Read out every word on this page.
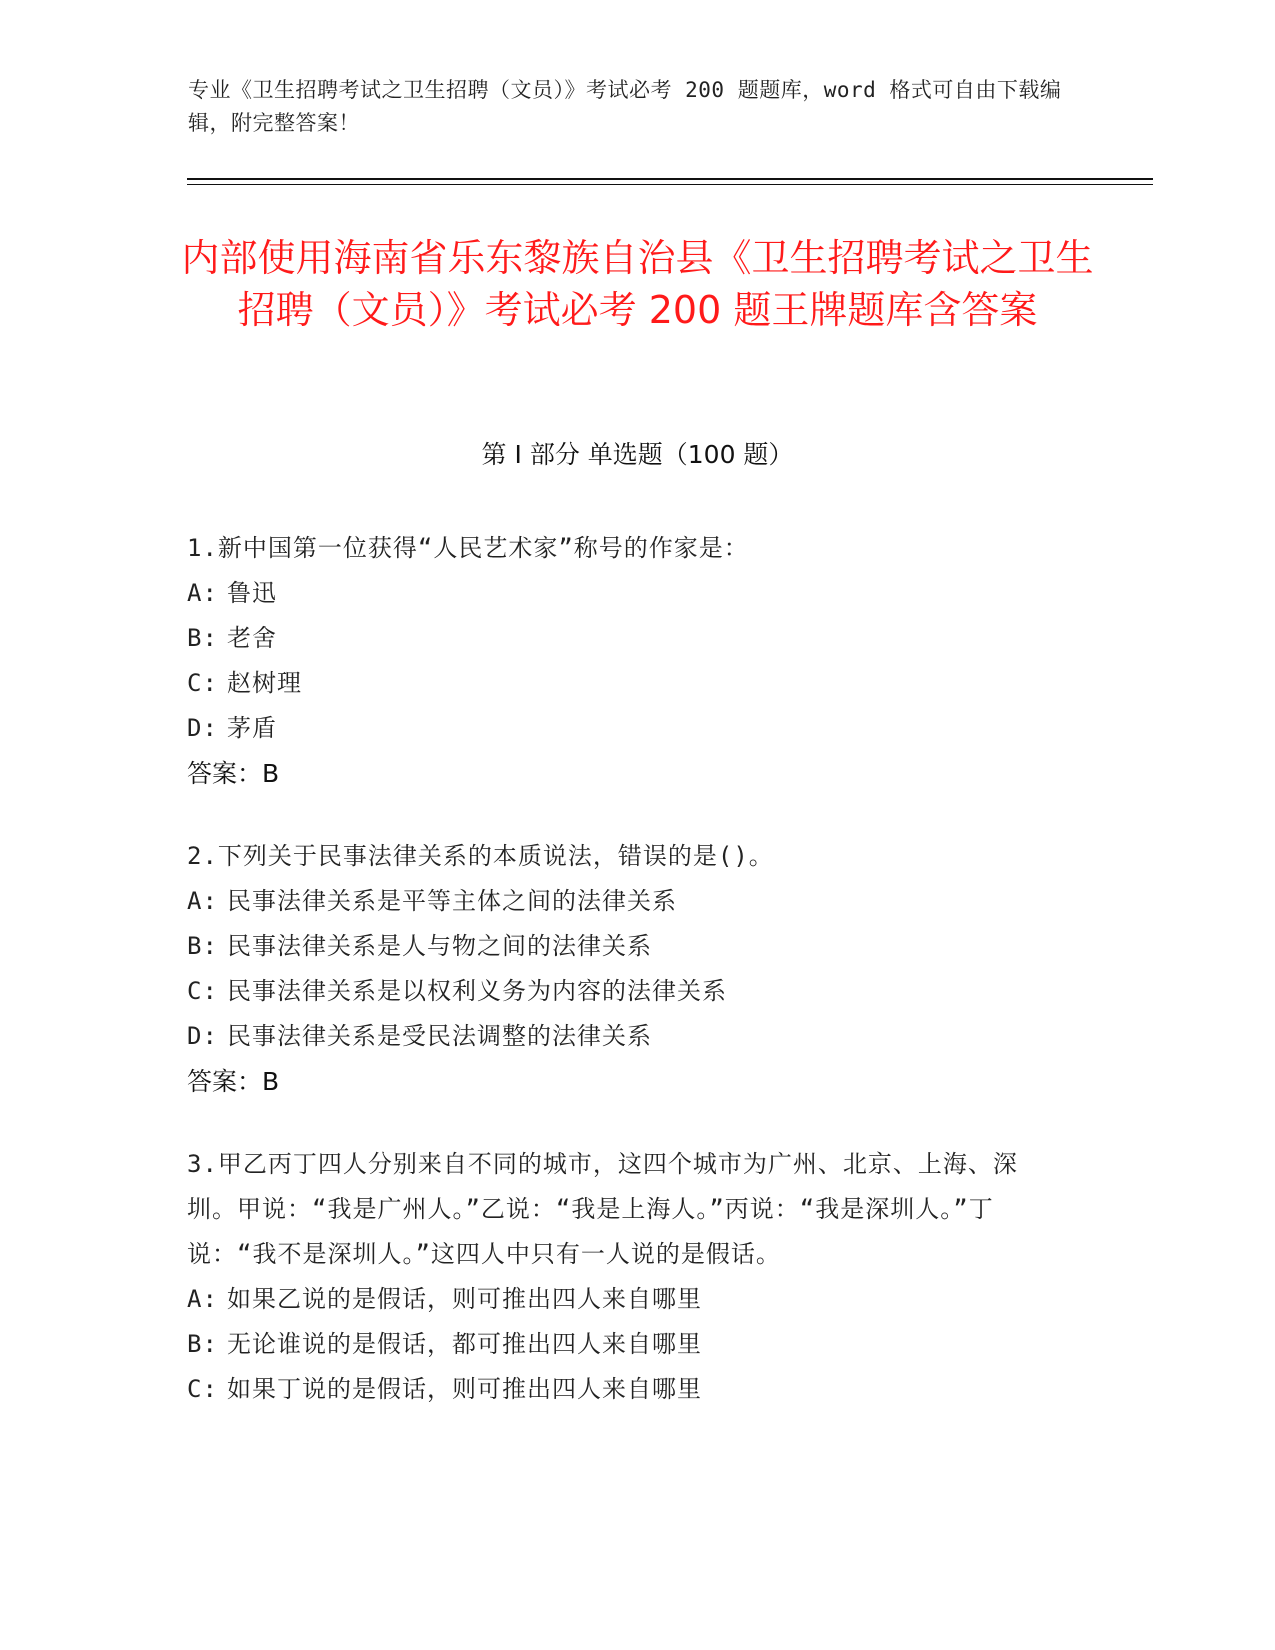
专业《卫生招聘考试之卫生招聘（文员）》考试必考 200 题题库，word 格式可自由下载编辑，附完整答案！
内部使用海南省乐东黎族自治县《卫生招聘考试之卫生招聘（文员）》考试必考 200 题王牌题库含答案
第 I 部分 单选题（100 题）
1.新中国第一位获得“人民艺术家”称号的作家是：
A: 鲁迅
B: 老舍
C: 赵树理
D: 茅盾
答案：B
2.下列关于民事法律关系的本质说法，错误的是()。
A: 民事法律关系是平等主体之间的法律关系
B: 民事法律关系是人与物之间的法律关系
C: 民事法律关系是以权利义务为内容的法律关系
D: 民事法律关系是受民法调整的法律关系
答案：B
3.甲乙丙丁四人分别来自不同的城市，这四个城市为广州、北京、上海、深圳。甲说：“我是广州人。”乙说：“我是上海人。”丙说：“我是深圳人。”丁说：“我不是深圳人。”这四人中只有一人说的是假话。
A: 如果乙说的是假话，则可推出四人来自哪里
B: 无论谁说的是假话，都可推出四人来自哪里
C: 如果丁说的是假话，则可推出四人来自哪里
